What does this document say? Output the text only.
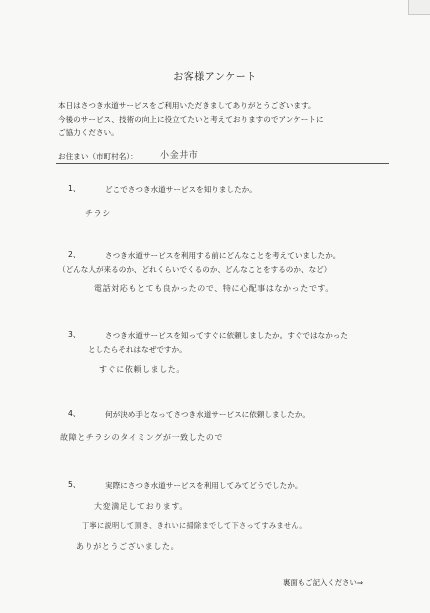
お客様アンケート
本日はさつき水道サービスをご利用いただきましてありがとうございます。
今後のサービス、技術の向上に役立てたいと考えておりますのでアンケートに
ご協力ください。
お住まい（市町村名）： 小金井市
1、	どこでさつき水道サービスを知りましたか。
チラシ
2、	さつき水道サービスを利用する前にどんなことを考えていましたか。
（どんな人が来るのか、どれくらいでくるのか、どんなことをするのか、など）
電話対応もとても良かったので、特に心配事はなかったです。
3、	さつき水道サービスを知ってすぐに依頼しましたか。すぐではなかった
としたらそれはなぜですか。
すぐに依頼しました。
4、	何が決め手となってさつき水道サービスに依頼しましたか。
故障とチラシのタイミングが一致したので
5、	実際にさつき水道サービスを利用してみてどうでしたか。
大変満足しております。
丁寧に説明して頂き、きれいに掃除までして下さってすみません。
ありがとうございました。
裏面もご記入ください⇒
